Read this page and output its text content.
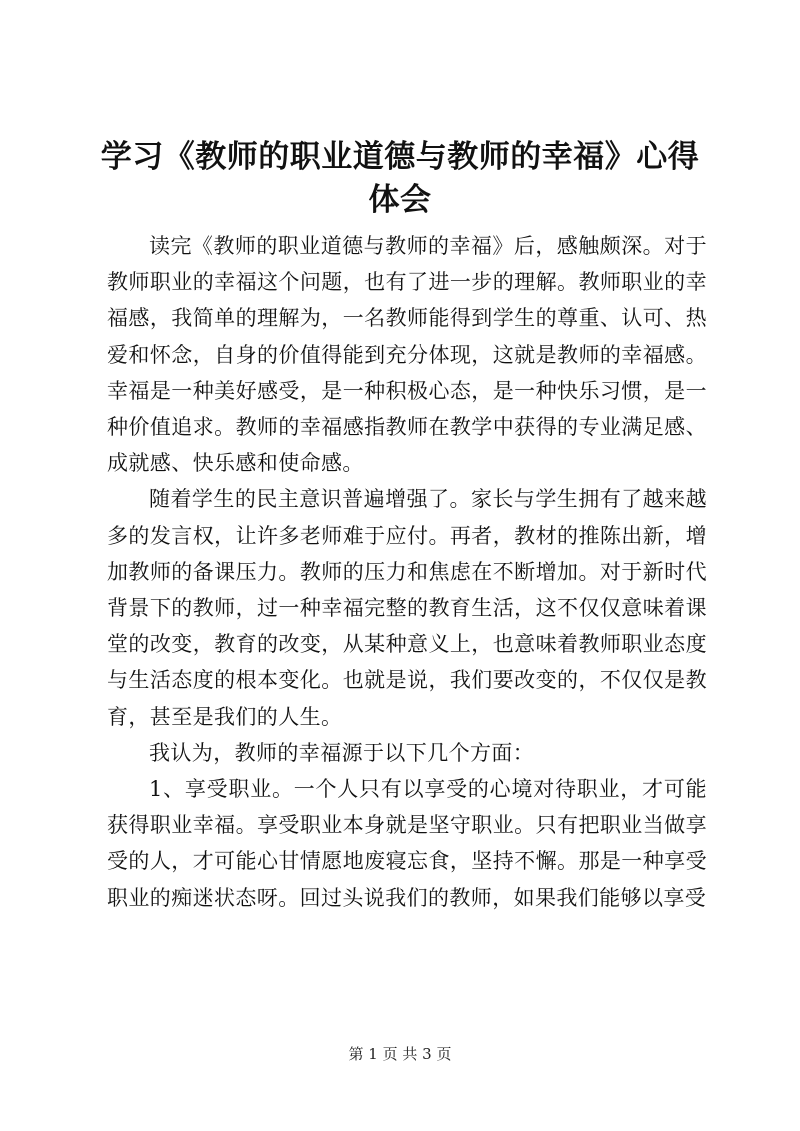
学习《教师的职业道德与教师的幸福》心得体会

读完《教师的职业道德与教师的幸福》后，感触颇深。对于教师职业的幸福这个问题，也有了进一步的理解。教师职业的幸福感，我简单的理解为，一名教师能得到学生的尊重、认可、热爱和怀念，自身的价值得能到充分体现，这就是教师的幸福感。幸福是一种美好感受，是一种积极心态，是一种快乐习惯，是一种价值追求。教师的幸福感指教师在教学中获得的专业满足感、成就感、快乐感和使命感。

随着学生的民主意识普遍增强了。家长与学生拥有了越来越多的发言权，让许多老师难于应付。再者，教材的推陈出新，增加教师的备课压力。教师的压力和焦虑在不断增加。对于新时代背景下的教师，过一种幸福完整的教育生活，这不仅仅意味着课堂的改变，教育的改变，从某种意义上，也意味着教师职业态度与生活态度的根本变化。也就是说，我们要改变的，不仅仅是教育，甚至是我们的人生。

我认为，教师的幸福源于以下几个方面：

1、享受职业。一个人只有以享受的心境对待职业，才可能获得职业幸福。享受职业本身就是坚守职业。只有把职业当做享受的人，才可能心甘情愿地废寝忘食，坚持不懈。那是一种享受职业的痴迷状态呀。回过头说我们的教师，如果我们能够以享受

第 1 页 共 3 页
